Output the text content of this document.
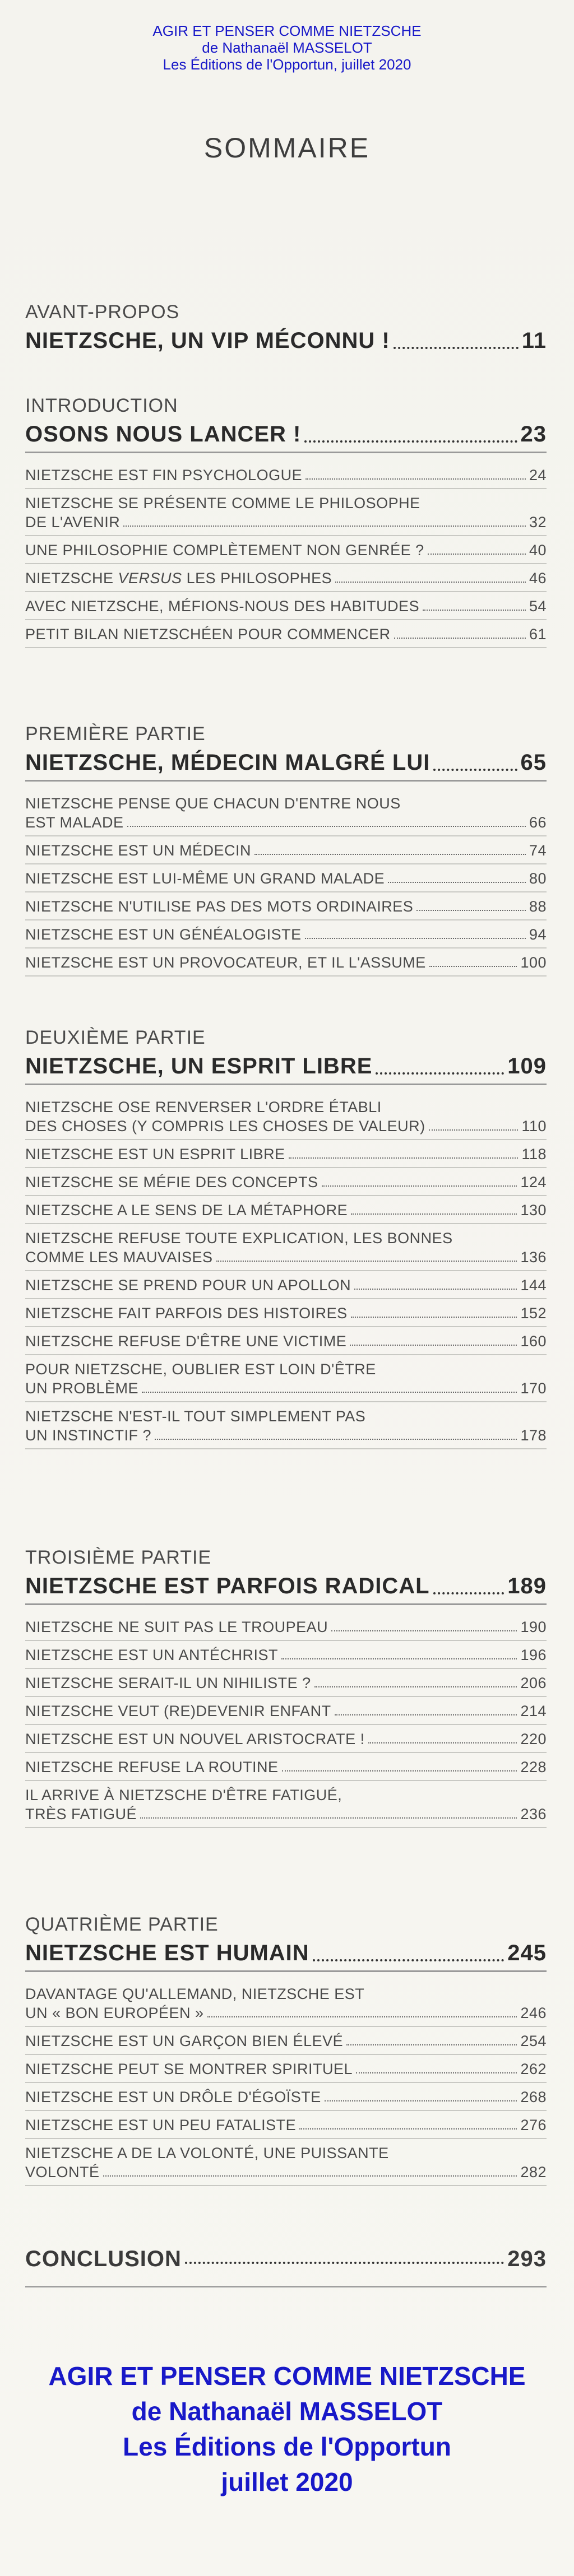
AGIR ET PENSER COMME NIETZSCHE
de Nathanaël MASSELOT
Les Éditions de l'Opportun, juillet 2020
SOMMAIRE
AVANT-PROPOS
NIETZSCHE, UN VIP MÉCONNU !	11
INTRODUCTION
OSONS NOUS LANCER !	23
NIETZSCHE EST FIN PSYCHOLOGUE	24
NIETZSCHE SE PRÉSENTE COMME LE PHILOSOPHE
DE L'AVENIR	32
UNE PHILOSOPHIE COMPLÈTEMENT NON GENRÉE ?	40
NIETZSCHE VERSUS LES PHILOSOPHES	46
AVEC NIETZSCHE, MÉFIONS-NOUS DES HABITUDES	54
PETIT BILAN NIETZSCHÉEN POUR COMMENCER	61
PREMIÈRE PARTIE
NIETZSCHE, MÉDECIN MALGRÉ LUI	65
NIETZSCHE PENSE QUE CHACUN D'ENTRE NOUS
EST MALADE	66
NIETZSCHE EST UN MÉDECIN	74
NIETZSCHE EST LUI-MÊME UN GRAND MALADE	80
NIETZSCHE N'UTILISE PAS DES MOTS ORDINAIRES	88
NIETZSCHE EST UN GÉNÉALOGISTE	94
NIETZSCHE EST UN PROVOCATEUR, ET IL L'ASSUME	100
DEUXIÈME PARTIE
NIETZSCHE, UN ESPRIT LIBRE	109
NIETZSCHE OSE RENVERSER L'ORDRE ÉTABLI
DES CHOSES (Y COMPRIS LES CHOSES DE VALEUR)	110
NIETZSCHE EST UN ESPRIT LIBRE	118
NIETZSCHE SE MÉFIE DES CONCEPTS	124
NIETZSCHE A LE SENS DE LA MÉTAPHORE	130
NIETZSCHE REFUSE TOUTE EXPLICATION, LES BONNES
COMME LES MAUVAISES	136
NIETZSCHE SE PREND POUR UN APOLLON	144
NIETZSCHE FAIT PARFOIS DES HISTOIRES	152
NIETZSCHE REFUSE D'ÊTRE UNE VICTIME	160
POUR NIETZSCHE, OUBLIER EST LOIN D'ÊTRE
UN PROBLÈME	170
NIETZSCHE N'EST-IL TOUT SIMPLEMENT PAS
UN INSTINCTIF ?	178
TROISIÈME PARTIE
NIETZSCHE EST PARFOIS RADICAL	189
NIETZSCHE NE SUIT PAS LE TROUPEAU	190
NIETZSCHE EST UN ANTÉCHRIST	196
NIETZSCHE SERAIT-IL UN NIHILISTE ?	206
NIETZSCHE VEUT (RE)DEVENIR ENFANT	214
NIETZSCHE EST UN NOUVEL ARISTOCRATE !	220
NIETZSCHE REFUSE LA ROUTINE	228
IL ARRIVE À NIETZSCHE D'ÊTRE FATIGUÉ,
TRÈS FATIGUÉ	236
QUATRIÈME PARTIE
NIETZSCHE EST HUMAIN	245
DAVANTAGE QU'ALLEMAND, NIETZSCHE EST
UN « BON EUROPÉEN »	246
NIETZSCHE EST UN GARÇON BIEN ÉLEVÉ	254
NIETZSCHE PEUT SE MONTRER SPIRITUEL	262
NIETZSCHE EST UN DRÔLE D'ÉGOÏSTE	268
NIETZSCHE EST UN PEU FATALISTE	276
NIETZSCHE A DE LA VOLONTÉ, UNE PUISSANTE
VOLONTÉ	282
CONCLUSION	293
AGIR ET PENSER COMME NIETZSCHE
de Nathanaël MASSELOT
Les Éditions de l'Opportun
juillet 2020
